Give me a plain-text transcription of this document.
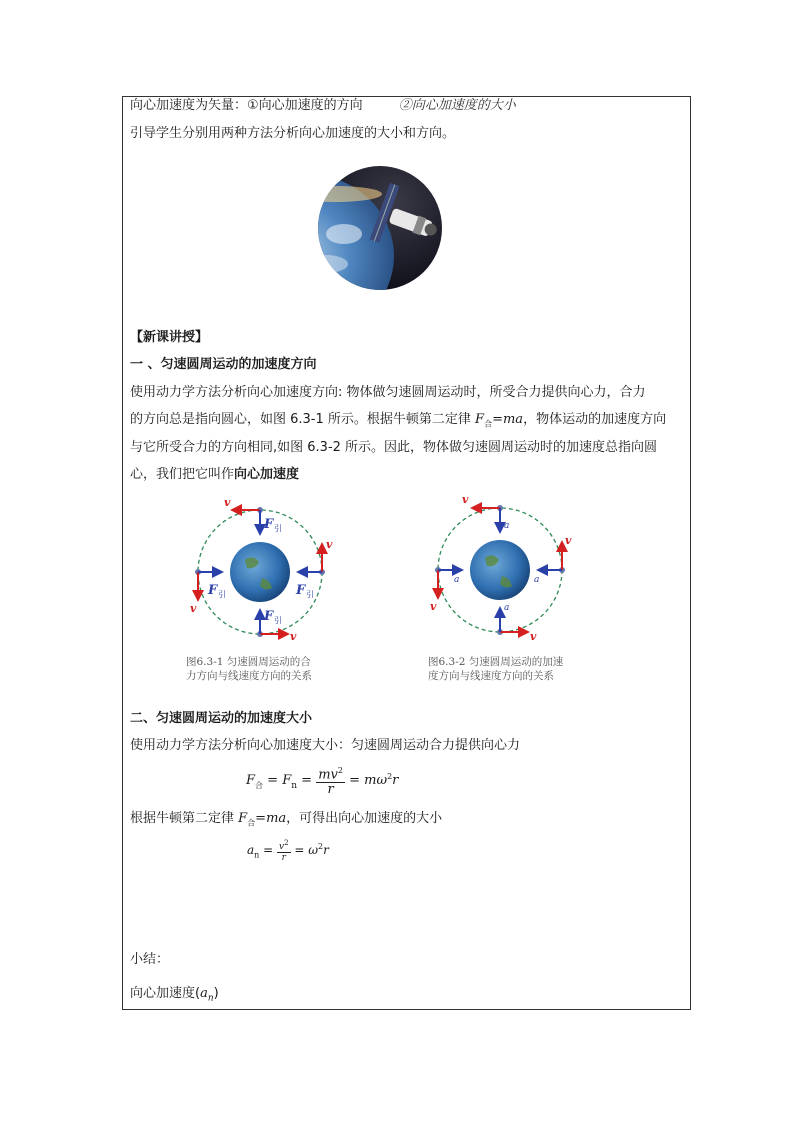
向心加速度为矢量：①向心加速度的方向	②向心加速度的大小
引导学生分别用两种方法分析向心加速度的大小和方向。
【新课讲授】
一 、匀速圆周运动的加速度方向
使用动力学方法分析向心加速度方向: 物体做匀速圆周运动时，所受合力提供向心力，合力
的方向总是指向圆心，如图 6.3-1 所示。根据牛顿第二定律 $F_合=ma$，物体运动的加速度方向
与它所受合力的方向相同,如图 6.3-2 所示。因此，物体做匀速圆周运动时的加速度总指向圆
心，我们把它叫作向心加速度
v
v
v
v
F
F	F
F
引
引	引
引
图6.3-1 匀速圆周运动的合
力方向与线速度方向的关系
v
v
v
v
a
a	a
a
图6.3-2 匀速圆周运动的加速
度方向与线速度方向的关系
二、匀速圆周运动的加速度大小
使用动力学方法分析向心加速度大小：匀速圆周运动合力提供向心力
$F_合 = F_n = \frac{mv^2}{r} = m\omega^2r$
根据牛顿第二定律 $F_合=ma$，可得出向心加速度的大小
$a_n = \frac{v^2}{r} = \omega^2r$
小结：
向心加速度$(a_n)$
